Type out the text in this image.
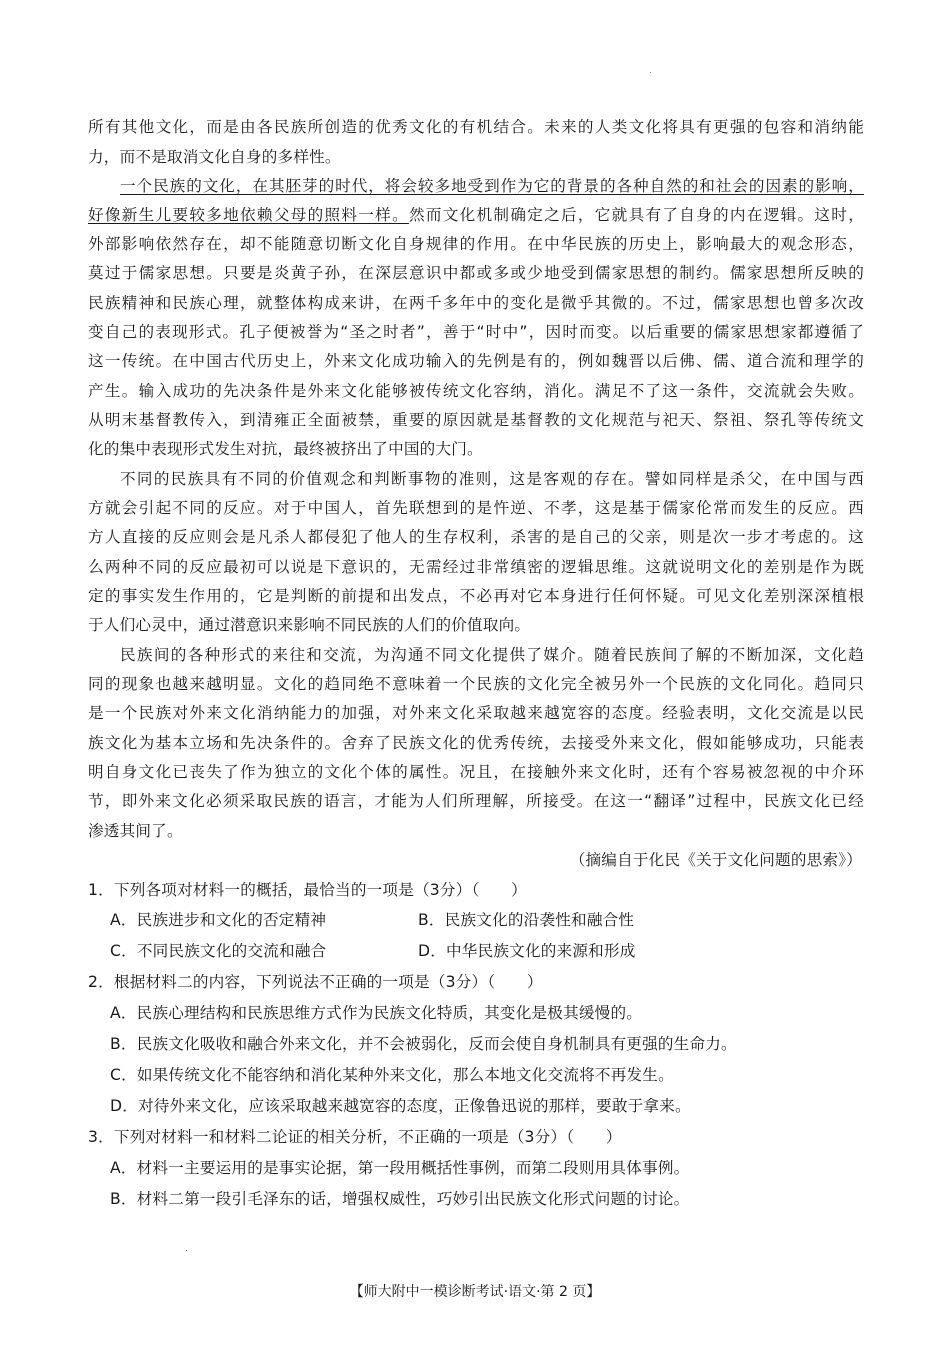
所有其他文化，而是由各民族所创造的优秀文化的有机结合。未来的人类文化将具有更强的包容和消纳能
力，而不是取消文化自身的多样性。
一个民族的文化，在其胚芽的时代，将会较多地受到作为它的背景的各种自然的和社会的因素的影响，
好像新生儿要较多地依赖父母的照料一样。然而文化机制确定之后，它就具有了自身的内在逻辑。这时，
外部影响依然存在，却不能随意切断文化自身规律的作用。在中华民族的历史上，影响最大的观念形态，
莫过于儒家思想。只要是炎黄子孙，在深层意识中都或多或少地受到儒家思想的制约。儒家思想所反映的
民族精神和民族心理，就整体构成来讲，在两千多年中的变化是微乎其微的。不过，儒家思想也曾多次改
变自己的表现形式。孔子便被誉为“圣之时者”，善于“时中”，因时而变。以后重要的儒家思想家都遵循了
这一传统。在中国古代历史上，外来文化成功输入的先例是有的，例如魏晋以后佛、儒、道合流和理学的
产生。输入成功的先决条件是外来文化能够被传统文化容纳，消化。满足不了这一条件，交流就会失败。
从明末基督教传入，到清雍正全面被禁，重要的原因就是基督教的文化规范与祀天、祭祖、祭孔等传统文
化的集中表现形式发生对抗，最终被挤出了中国的大门。
不同的民族具有不同的价值观念和判断事物的准则，这是客观的存在。譬如同样是杀父，在中国与西
方就会引起不同的反应。对于中国人，首先联想到的是忤逆、不孝，这是基于儒家伦常而发生的反应。西
方人直接的反应则会是凡杀人都侵犯了他人的生存权利，杀害的是自己的父亲，则是次一步才考虑的。这
么两种不同的反应最初可以说是下意识的，无需经过非常缜密的逻辑思维。这就说明文化的差别是作为既
定的事实发生作用的，它是判断的前提和出发点，不必再对它本身进行任何怀疑。可见文化差别深深植根
于人们心灵中，通过潜意识来影响不同民族的人们的价值取向。
民族间的各种形式的来往和交流，为沟通不同文化提供了媒介。随着民族间了解的不断加深，文化趋
同的现象也越来越明显。文化的趋同绝不意味着一个民族的文化完全被另外一个民族的文化同化。趋同只
是一个民族对外来文化消纳能力的加强，对外来文化采取越来越宽容的态度。经验表明，文化交流是以民
族文化为基本立场和先决条件的。舍弃了民族文化的优秀传统，去接受外来文化，假如能够成功，只能表
明自身文化已丧失了作为独立的文化个体的属性。况且，在接触外来文化时，还有个容易被忽视的中介环
节，即外来文化必须采取民族的语言，才能为人们所理解，所接受。在这一“翻译”过程中，民族文化已经
渗透其间了。
（摘编自于化民《关于文化问题的思索》）
1．下列各项对材料一的概括，最恰当的一项是（3分）（　　）
A．民族进步和文化的否定精神	B．民族文化的沿袭性和融合性
C．不同民族文化的交流和融合	D．中华民族文化的来源和形成
2．根据材料二的内容，下列说法不正确的一项是（3分）（　　）
A．民族心理结构和民族思维方式作为民族文化特质，其变化是极其缓慢的。
B．民族文化吸收和融合外来文化，并不会被弱化，反而会使自身机制具有更强的生命力。
C．如果传统文化不能容纳和消化某种外来文化，那么本地文化交流将不再发生。
D．对待外来文化，应该采取越来越宽容的态度，正像鲁迅说的那样，要敢于拿来。
3．下列对材料一和材料二论证的相关分析，不正确的一项是（3分）（　　）
A．材料一主要运用的是事实论据，第一段用概括性事例，而第二段则用具体事例。
B．材料二第一段引毛泽东的话，增强权威性，巧妙引出民族文化形式问题的讨论。
【师大附中一模诊断考试·语文·第 2 页】
